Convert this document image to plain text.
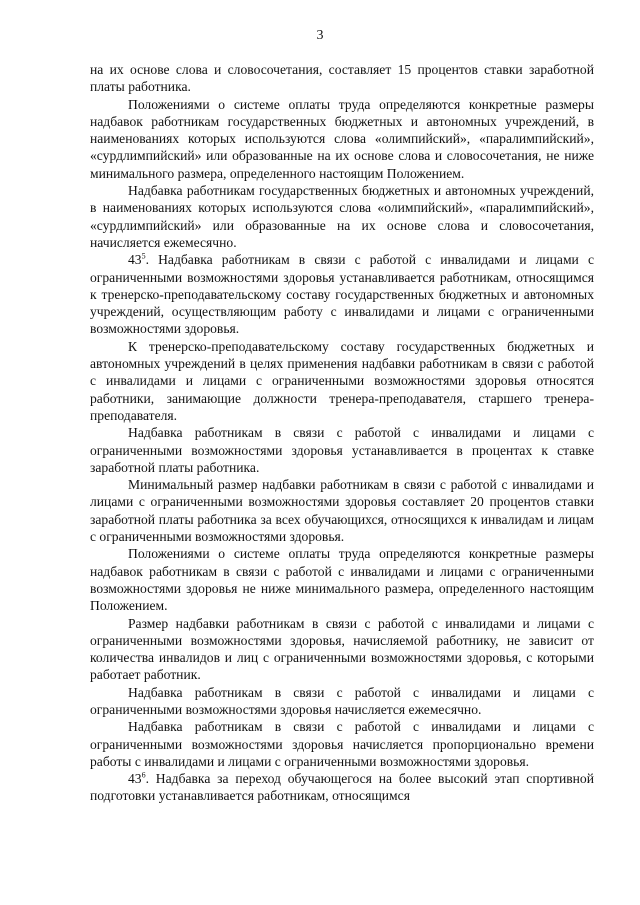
3

на их основе слова и словосочетания, составляет 15 процентов ставки заработной платы работника.

Положениями о системе оплаты труда определяются конкретные размеры надбавок работникам государственных бюджетных и автономных учреждений, в наименованиях которых используются слова «олимпийский», «паралимпийский», «сурдлимпийский» или образованные на их основе слова и словосочетания, не ниже минимального размера, определенного настоящим Положением.

Надбавка работникам государственных бюджетных и автономных учреждений, в наименованиях которых используются слова «олимпийский», «паралимпийский», «сурдлимпийский» или образованные на их основе слова и словосочетания, начисляется ежемесячно.

$43^5$. Надбавка работникам в связи с работой с инвалидами и лицами с ограниченными возможностями здоровья устанавливается работникам, относящимся к тренерско-преподавательскому составу государственных бюджетных и автономных учреждений, осуществляющим работу с инвалидами и лицами с ограниченными возможностями здоровья.

К тренерско-преподавательскому составу государственных бюджетных и автономных учреждений в целях применения надбавки работникам в связи с работой с инвалидами и лицами с ограниченными возможностями здоровья относятся работники, занимающие должности тренера-преподавателя, старшего тренера-преподавателя.

Надбавка работникам в связи с работой с инвалидами и лицами с ограниченными возможностями здоровья устанавливается в процентах к ставке заработной платы работника.

Минимальный размер надбавки работникам в связи с работой с инвалидами и лицами с ограниченными возможностями здоровья составляет 20 процентов ставки заработной платы работника за всех обучающихся, относящихся к инвалидам и лицам с ограниченными возможностями здоровья.

Положениями о системе оплаты труда определяются конкретные размеры надбавок работникам в связи с работой с инвалидами и лицами с ограниченными возможностями здоровья не ниже минимального размера, определенного настоящим Положением.

Размер надбавки работникам в связи с работой с инвалидами и лицами с ограниченными возможностями здоровья, начисляемой работнику, не зависит от количества инвалидов и лиц с ограниченными возможностями здоровья, с которыми работает работник.

Надбавка работникам в связи с работой с инвалидами и лицами с ограниченными возможностями здоровья начисляется ежемесячно.

Надбавка работникам в связи с работой с инвалидами и лицами с ограниченными возможностями здоровья начисляется пропорционально времени работы с инвалидами и лицами с ограниченными возможностями здоровья.

$43^6$. Надбавка за переход обучающегося на более высокий этап спортивной подготовки устанавливается работникам, относящимся
